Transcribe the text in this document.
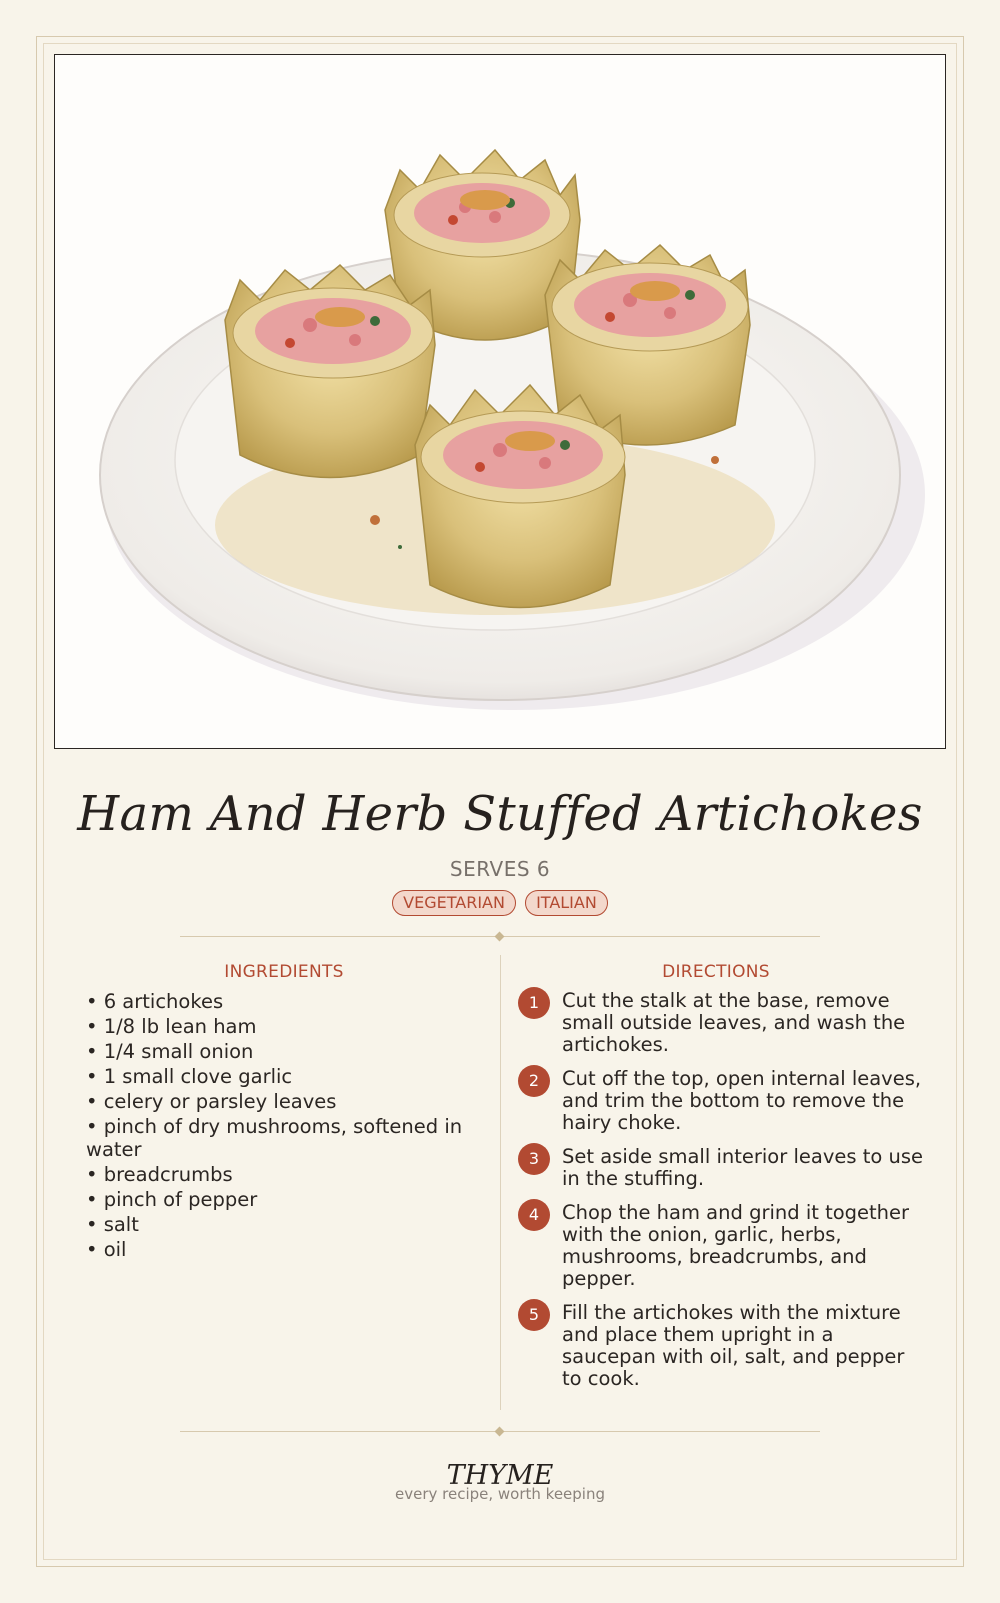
Ham And Herb Stuffed Artichokes
SERVES 6
VEGETARIAN ITALIAN
INGREDIENTS
• 6 artichokes
• 1/8 lb lean ham
• 1/4 small onion
• 1 small clove garlic
• celery or parsley leaves
• pinch of dry mushrooms, softened in water
• breadcrumbs
• pinch of pepper
• salt
• oil
DIRECTIONS
1	Cut the stalk at the base, remove small outside leaves, and wash the artichokes.
2	Cut off the top, open internal leaves, and trim the bottom to remove the hairy choke.
3	Set aside small interior leaves to use in the stuffing.
4	Chop the ham and grind it together with the onion, garlic, herbs, mushrooms, breadcrumbs, and pepper.
5	Fill the artichokes with the mixture and place them upright in a saucepan with oil, salt, and pepper to cook.
THYME
every recipe, worth keeping
